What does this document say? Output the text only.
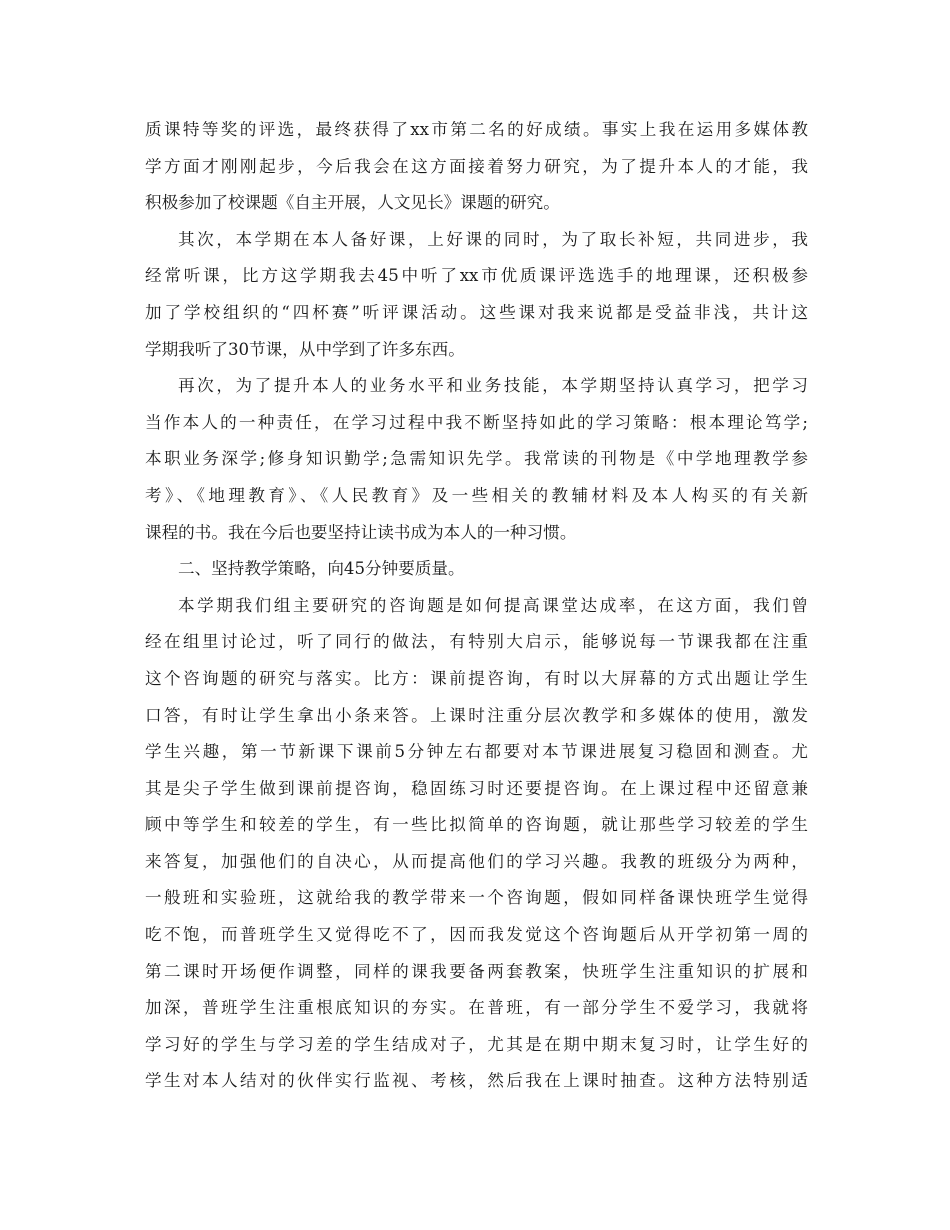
质课特等奖的评选，最终获得了xx市第二名的好成绩。事实上我在运用多媒体教
学方面才刚刚起步，今后我会在这方面接着努力研究，为了提升本人的才能，我
积极参加了校课题《自主开展，人文见长》课题的研究。
其次，本学期在本人备好课，上好课的同时，为了取长补短，共同进步，我
经常听课，比方这学期我去45中听了xx市优质课评选选手的地理课，还积极参
加了学校组织的“四杯赛”听评课活动。这些课对我来说都是受益非浅，共计这
学期我听了30节课，从中学到了许多东西。
再次，为了提升本人的业务水平和业务技能，本学期坚持认真学习，把学习
当作本人的一种责任，在学习过程中我不断坚持如此的学习策略：根本理论笃学;
本职业务深学;修身知识勤学;急需知识先学。我常读的刊物是《中学地理教学参
考》、《地理教育》、《人民教育》及一些相关的教辅材料及本人构买的有关新
课程的书。我在今后也要坚持让读书成为本人的一种习惯。
二、坚持教学策略，向45分钟要质量。
本学期我们组主要研究的咨询题是如何提高课堂达成率，在这方面，我们曾
经在组里讨论过，听了同行的做法，有特别大启示，能够说每一节课我都在注重
这个咨询题的研究与落实。比方：课前提咨询，有时以大屏幕的方式出题让学生
口答，有时让学生拿出小条来答。上课时注重分层次教学和多媒体的使用，激发
学生兴趣，第一节新课下课前5分钟左右都要对本节课进展复习稳固和测查。尤
其是尖子学生做到课前提咨询，稳固练习时还要提咨询。在上课过程中还留意兼
顾中等学生和较差的学生，有一些比拟简单的咨询题，就让那些学习较差的学生
来答复，加强他们的自决心，从而提高他们的学习兴趣。我教的班级分为两种，
一般班和实验班，这就给我的教学带来一个咨询题，假如同样备课快班学生觉得
吃不饱，而普班学生又觉得吃不了，因而我发觉这个咨询题后从开学初第一周的
第二课时开场便作调整，同样的课我要备两套教案，快班学生注重知识的扩展和
加深，普班学生注重根底知识的夯实。在普班，有一部分学生不爱学习，我就将
学习好的学生与学习差的学生结成对子，尤其是在期中期末复习时，让学生好的
学生对本人结对的伙伴实行监视、考核，然后我在上课时抽查。这种方法特别适
